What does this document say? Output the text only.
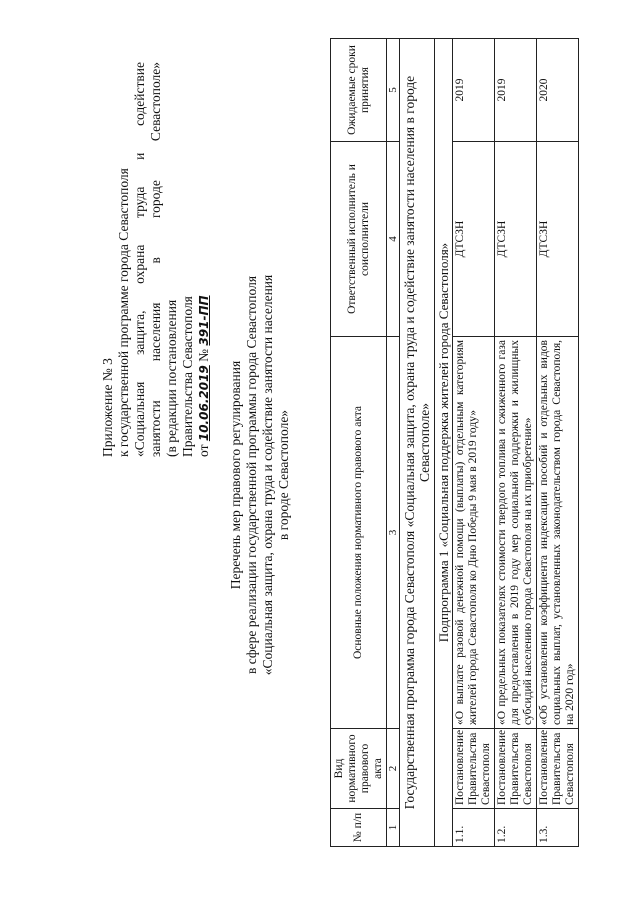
Приложение № 3 к государственной программе города Севастополя «Социальная защита, охрана труда и содействие занятости населения в городе Севастополе» (в редакции постановления Правительства Севастополя от 10.06.2019 № 391-ПП
Перечень мер правового регулирования в сфере реализации государственной программы города Севастополя «Социальная защита, охрана труда и содействие занятости населения в городе Севастополе»
№ п/п	Вид нормативного правового акта	Основные положения нормативного правового акта	Ответственный исполнитель и соисполнители	Ожидаемые сроки принятия
1	2	3	4	5
Государственная программа города Севастополя «Социальная защита, охрана труда и содействие занятости населения в городе Севастополе»				
Подпрограмма 1 «Социальная поддержка жителей города Севастополя»				
1.1.	Постановление Правительства Севастополя	«О выплате разовой денежной помощи (выплаты) отдельным категориям жителей города Севастополя ко Дню Победы 9 мая в 2019 году»	ДТСЗН	2019
1.2.	Постановление Правительства Севастополя	«О предельных показателях стоимости твердого топлива и сжиженного газа для предоставления в 2019 году мер социальной поддержки и жилищных субсидий населению города Севастополя на их приобретение»	ДТСЗН	2019
1.3.	Постановление Правительства Севастополя	«Об установлении коэффициента индексации пособий и отдельных видов социальных выплат, установленных законодательством города Севастополя, на 2020 год»	ДТСЗН	2020
